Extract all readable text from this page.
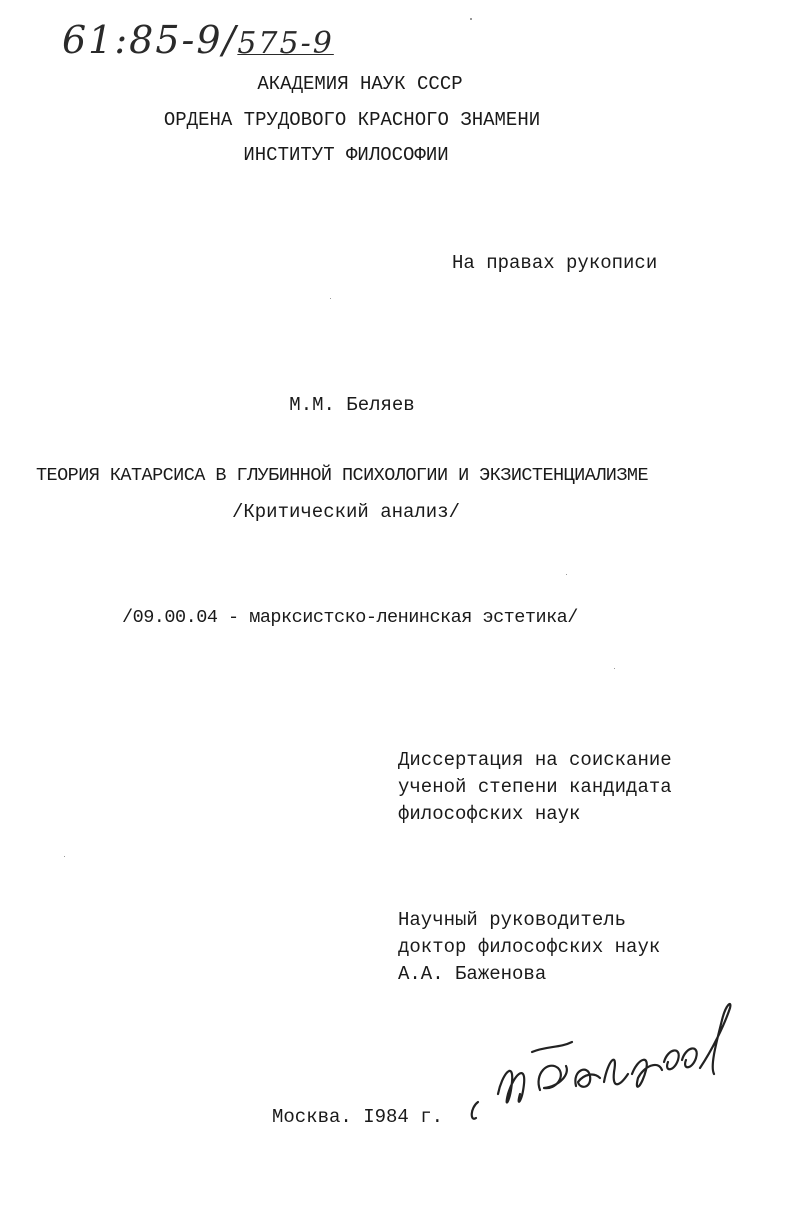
61:85-9/575-9
АКАДЕМИЯ НАУК СССР
ОРДЕНА ТРУДОВОГО КРАСНОГО ЗНАМЕНИ
ИНСТИТУТ ФИЛОСОФИИ
На правах рукописи
М.М. Беляев
ТЕОРИЯ КАТАРСИСА В ГЛУБИННОЙ ПСИХОЛОГИИ И ЭКЗИСТЕНЦИАЛИЗМЕ
/Критический анализ/
/09.00.04 - марксистско-ленинская эстетика/
Диссертация на соискание
ученой степени кандидата
философских наук
Научный руководитель
доктор философских наук
А.А. Баженова
Москва. I984 г.
